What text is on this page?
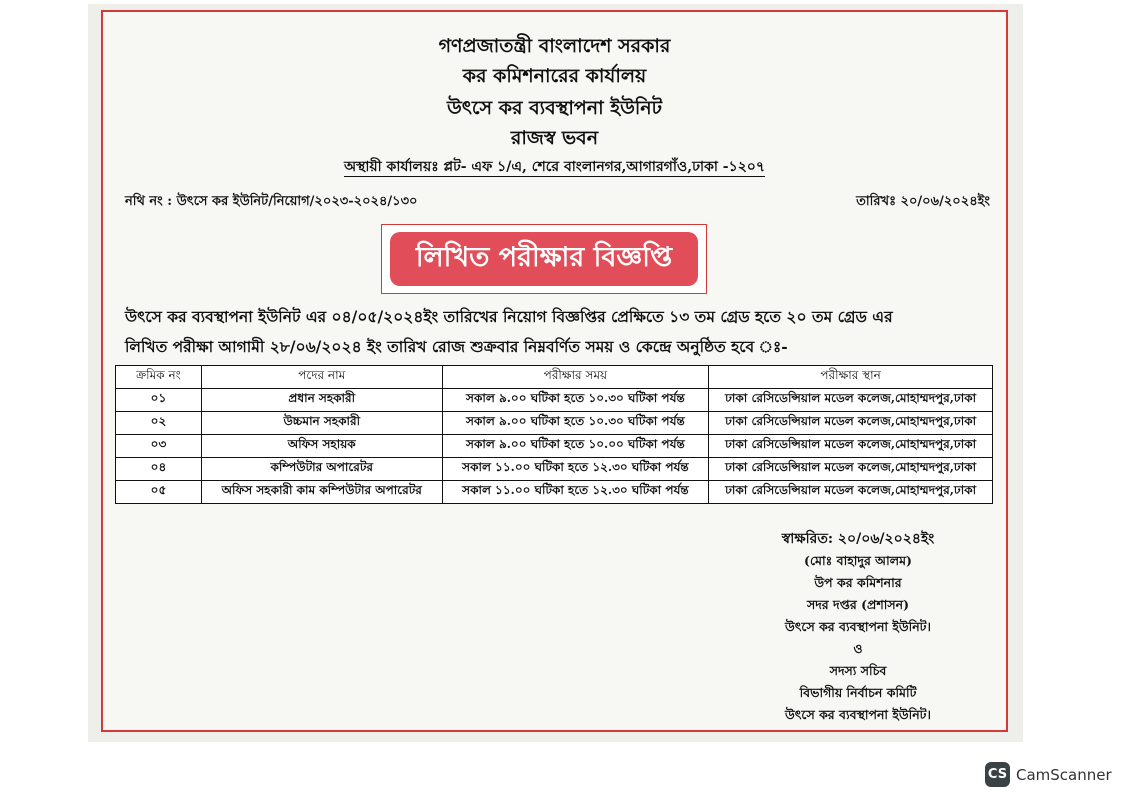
গণপ্রজাতন্ত্রী বাংলাদেশ সরকার
কর কমিশনারের কার্যালয়
উৎসে কর ব্যবস্থাপনা ইউনিট
রাজস্ব ভবন
অস্থায়ী কার্যালয়ঃ প্লট- এফ ১/এ, শেরে বাংলানগর,আগারগাঁও,ঢাকা -১২০৭
নথি নং : উৎসে কর ইউনিট/নিয়োগ/২০২৩-২০২৪/১৩০	তারিখঃ ২০/০৬/২০২৪ইং
লিখিত পরীক্ষার বিজ্ঞপ্তি
উৎসে কর ব্যবস্থাপনা ইউনিট এর ০৪/০৫/২০২৪ইং তারিখের নিয়োগ বিজ্ঞপ্তির প্রেক্ষিতে ১৩ তম গ্রেড হতে ২০ তম গ্রেড এর
লিখিত পরীক্ষা আগামী ২৮/০৬/২০২৪ ইং তারিখ রোজ শুক্রবার নিম্নবর্ণিত সময় ও কেন্দ্রে অনুষ্ঠিত হবে ঃ-
ক্রমিক নং	পদের নাম	পরীক্ষার সময়	পরীক্ষার স্থান
০১	প্রধান সহকারী	সকাল ৯.০০ ঘটিকা হতে ১০.৩০ ঘটিকা পর্যন্ত	ঢাকা রেসিডেন্সিয়াল মডেল কলেজ,মোহাম্মদপুর,ঢাকা
০২	উচ্চমান সহকারী	সকাল ৯.০০ ঘটিকা হতে ১০.৩০ ঘটিকা পর্যন্ত	ঢাকা রেসিডেন্সিয়াল মডেল কলেজ,মোহাম্মদপুর,ঢাকা
০৩	অফিস সহায়ক	সকাল ৯.০০ ঘটিকা হতে ১০.০০ ঘটিকা পর্যন্ত	ঢাকা রেসিডেন্সিয়াল মডেল কলেজ,মোহাম্মদপুর,ঢাকা
০৪	কম্পিউটার অপারেটর	সকাল ১১.০০ ঘটিকা হতে ১২.৩০ ঘটিকা পর্যন্ত	ঢাকা রেসিডেন্সিয়াল মডেল কলেজ,মোহাম্মদপুর,ঢাকা
০৫	অফিস সহকারী কাম কম্পিউটার অপারেটর	সকাল ১১.০০ ঘটিকা হতে ১২.৩০ ঘটিকা পর্যন্ত	ঢাকা রেসিডেন্সিয়াল মডেল কলেজ,মোহাম্মদপুর,ঢাকা
স্বাক্ষরিত: ২০/০৬/২০২৪ইং
(মোঃ বাহাদুর আলম)
উপ কর কমিশনার
সদর দপ্তর (প্রশাসন)
উৎসে কর ব্যবস্থাপনা ইউনিট।
ও
সদস্য সচিব
বিভাগীয় নির্বাচন কমিটি
উৎসে কর ব্যবস্থাপনা ইউনিট।
CS CamScanner
